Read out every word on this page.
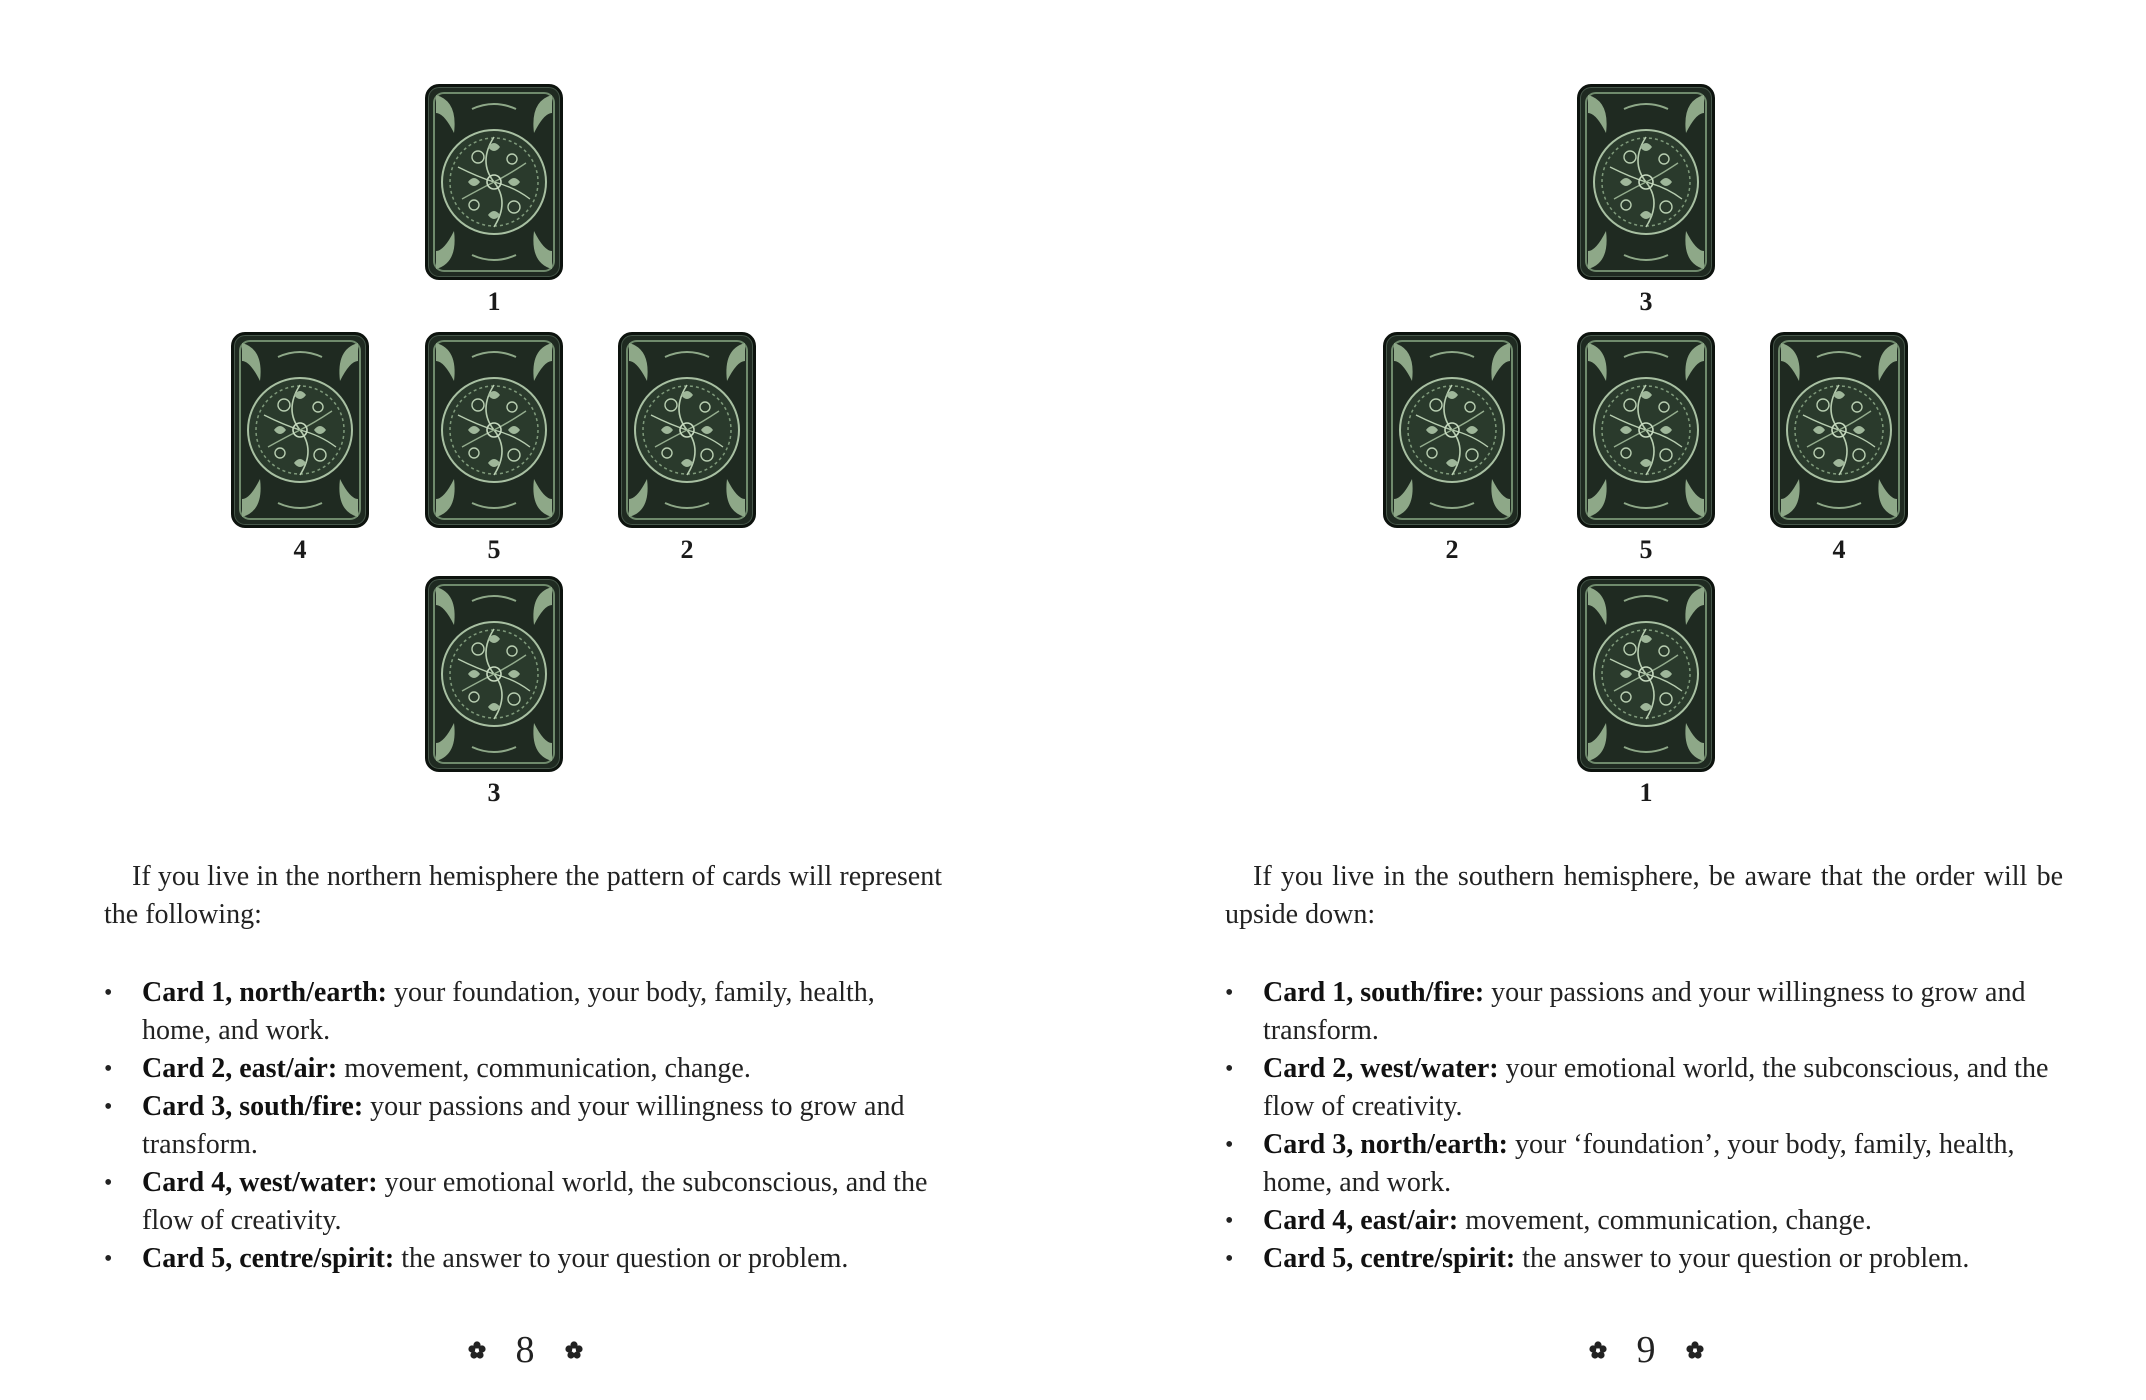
1
4	5	2
3

If you live in the northern hemisphere the pattern of cards will represent the following:

• Card 1, north/earth: your foundation, your body, family, health, home, and work.
• Card 2, east/air: movement, communication, change.
• Card 3, south/fire: your passions and your willingness to grow and transform.
• Card 4, west/water: your emotional world, the subconscious, and the flow of creativity.
• Card 5, centre/spirit: the answer to your question or problem.
8
3
2	5	4
1

If you live in the southern hemisphere, be aware that the order will be upside down:

• Card 1, south/fire: your passions and your willingness to grow and transform.
• Card 2, west/water: your emotional world, the subconscious, and the flow of creativity.
• Card 3, north/earth: your ‘foundation’, your body, family, health, home, and work.
• Card 4, east/air: movement, communication, change.
• Card 5, centre/spirit: the answer to your question or problem.
9
